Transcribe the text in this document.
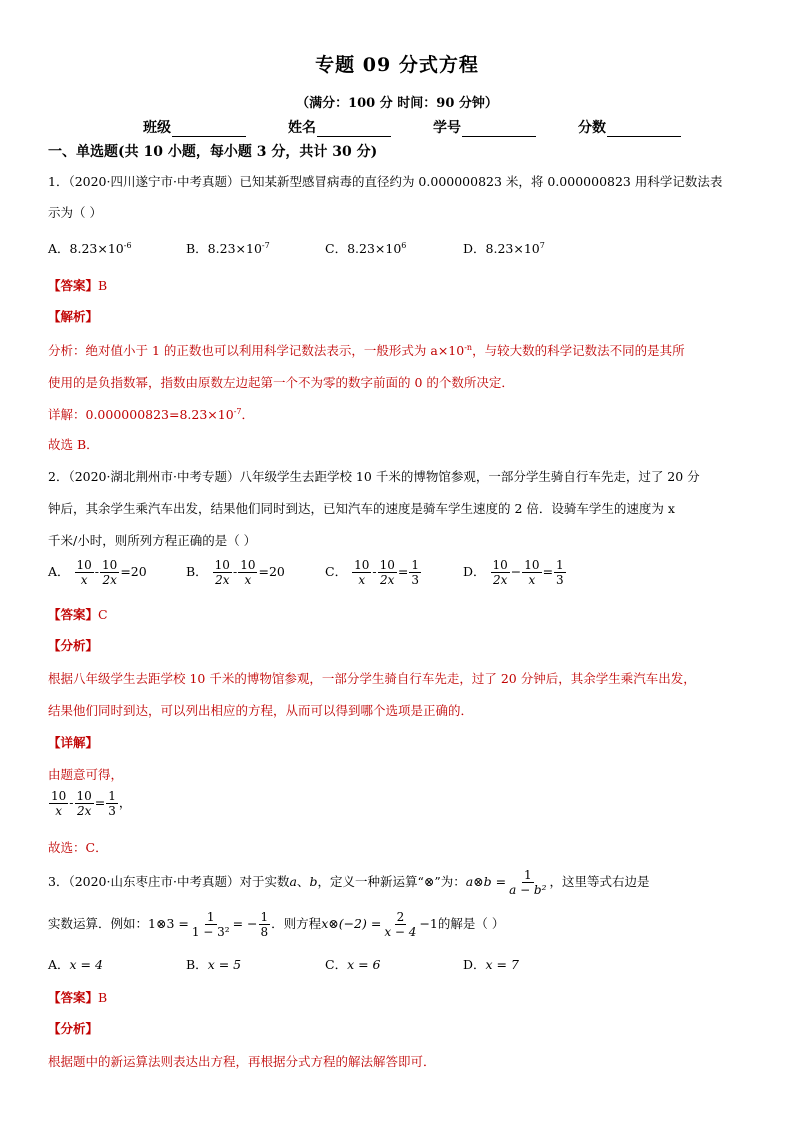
专题 09 分式方程
（满分：100 分 时间：90 分钟）
班级	姓名	学号	分数
一、单选题(共 10 小题，每小题 3 分，共计 30 分)
1．（2020·四川遂宁市·中考真题）已知某新型感冒病毒的直径约为 0.000000823 米，将 0.000000823 用科学记数法表
示为（ ）
A．$8.23\times 10^{-6}$	B．$8.23\times 10^{-7}$	C．$8.23\times 10^6$	D．$8.23\times 10^7$
【答案】B
【解析】
分析：绝对值小于 1 的正数也可以利用科学记数法表示，一般形式为 $a\times 10^{-n}$，与较大数的科学记数法不同的是其所
使用的是负指数幂，指数由原数左边起第一个不为零的数字前面的 0 的个数所决定．
详解：$0.000000823=8.23\times 10^{-7}$．
故选 B．
2．（2020·湖北荆州市·中考专题）八年级学生去距学校 10 千米的博物馆参观，一部分学生骑自行车先走，过了 20 分
钟后，其余学生乘汽车出发，结果他们同时到达，已知汽车的速度是骑车学生速度的 2 倍．设骑车学生的速度为 x
千米/小时，则所列方程正确的是（ ）
A． $\frac{10}{x} - \frac{10}{2x} =20$	B． $\frac{10}{2x} - \frac{10}{x} =20$	C． $\frac{10}{x} - \frac{10}{2x} = \frac{1}{3}$	D． $\frac{10}{2x} - \frac{10}{x} = \frac{1}{3}$
【答案】C
【分析】
根据八年级学生去距学校 10 千米的博物馆参观，一部分学生骑自行车先走，过了 20 分钟后，其余学生乘汽车出发，
结果他们同时到达，可以列出相应的方程，从而可以得到哪个选项是正确的．
【详解】
由题意可得，
$\frac{10}{x} - \frac{10}{2x} = \frac{1}{3}$ ，
故选：C．
3．（2020·山东枣庄市·中考真题）对于实数a、b，定义一种新运算“⊗”为：a⊗b = $\frac{1}{\text{a − b²}}$ ，这里等式右边是
实数运算．例如：1⊗3 = $\frac{1}{\text{1 − 3²}}$ = − $\frac{1}{8}$ ．则方程x⊗(−2) = $\frac{2}{x - 4} -1$的解是（ ）
A．x = 4	B．x = 5	C．x = 6	D．x = 7
【答案】B
【分析】
根据题中的新运算法则表达出方程，再根据分式方程的解法解答即可．
